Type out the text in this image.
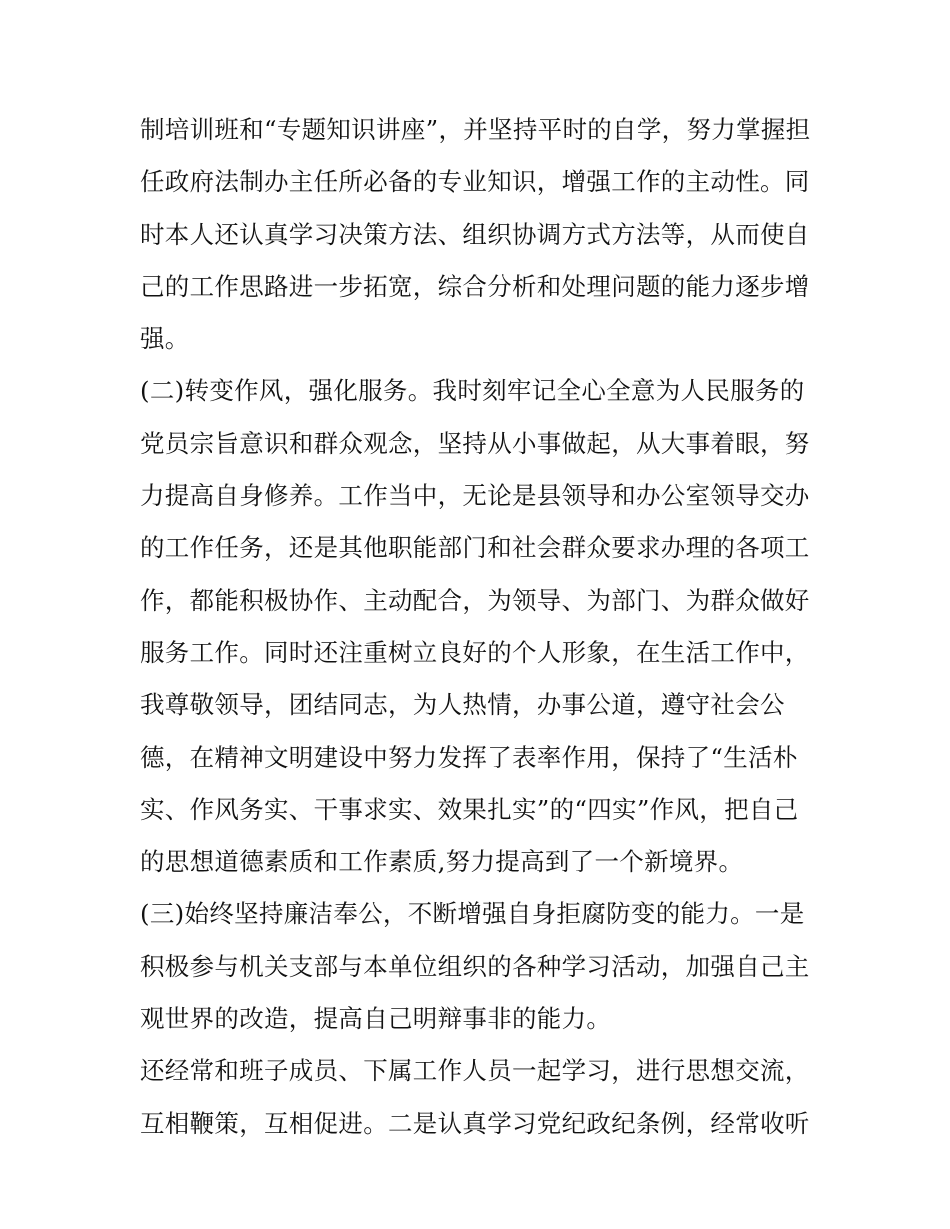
制培训班和“专题知识讲座”，并坚持平时的自学，努力掌握担
任政府法制办主任所必备的专业知识，增强工作的主动性。同
时本人还认真学习决策方法、组织协调方式方法等，从而使自
己的工作思路进一步拓宽，综合分析和处理问题的能力逐步增
强。
(二)转变作风，强化服务。我时刻牢记全心全意为人民服务的
党员宗旨意识和群众观念，坚持从小事做起，从大事着眼，努
力提高自身修养。工作当中，无论是县领导和办公室领导交办
的工作任务，还是其他职能部门和社会群众要求办理的各项工
作，都能积极协作、主动配合，为领导、为部门、为群众做好
服务工作。同时还注重树立良好的个人形象，在生活工作中，
我尊敬领导，团结同志，为人热情，办事公道，遵守社会公
德，在精神文明建设中努力发挥了表率作用，保持了“生活朴
实、作风务实、干事求实、效果扎实”的“四实”作风，把自己
的思想道德素质和工作素质,努力提高到了一个新境界。
(三)始终坚持廉洁奉公，不断增强自身拒腐防变的能力。一是
积极参与机关支部与本单位组织的各种学习活动，加强自己主
观世界的改造，提高自己明辩事非的能力。
还经常和班子成员、下属工作人员一起学习，进行思想交流，
互相鞭策，互相促进。二是认真学习党纪政纪条例，经常收听
